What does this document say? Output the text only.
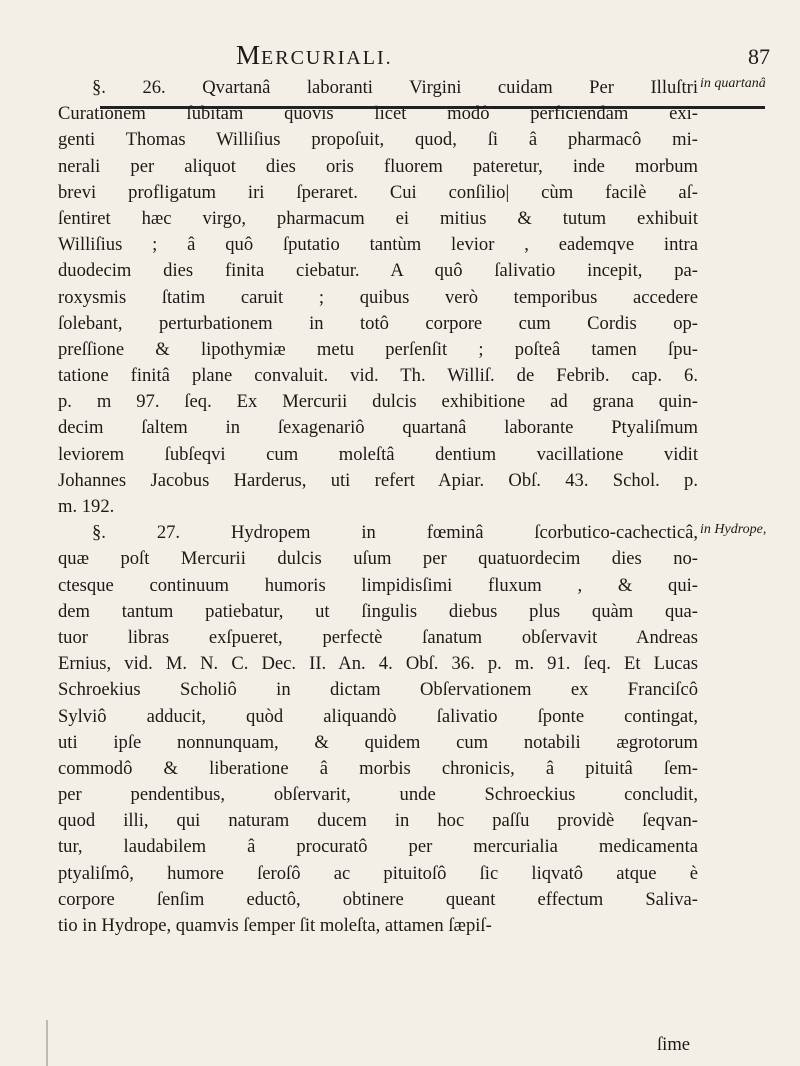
MERCURIALI.	87
§. 26. Qvartanâ laboranti Virgini cuidam Per Illuſtri
Curationem ſubitam quovis licet modô perficiendam exi-
genti Thomas Williſius propoſuit, quod, ſi â pharmacô mi-
nerali per aliquot dies oris fluorem pateretur, inde morbum
brevi profligatum iri ſperaret. Cui conſilio| cùm facilè aſ-
ſentiret hæc virgo, pharmacum ei mitius & tutum exhibuit
Williſius ; â quô ſputatio tantùm levior , eademqve intra
duodecim dies finita ciebatur. A quô ſalivatio incepit, pa-
roxysmis ſtatim caruit ; quibus verò temporibus accedere
ſolebant, perturbationem in totô corpore cum Cordis op-
preſſione & lipothymiæ metu perſenſit ; poſteâ tamen ſpu-
tatione finitâ plane convaluit. vid. Th. Williſ. de Febrib. cap. 6.
p. m 97. ſeq. Ex Mercurii dulcis exhibitione ad grana quin-
decim ſaltem in ſexagenariô quartanâ laborante Ptyaliſmum
leviorem ſubſeqvi cum moleſtâ dentium vacillatione vidit
Johannes Jacobus Harderus, uti refert Apiar. Obſ. 43. Schol. p.
m. 192.
§. 27. Hydropem in fœminâ ſcorbutico-cachecticâ,
quæ poſt Mercurii dulcis uſum per quatuordecim dies no-
ctesque continuum humoris limpidisſimi fluxum , & qui-
dem tantum patiebatur, ut ſingulis diebus plus quàm qua-
tuor libras exſpueret, perfectè ſanatum obſervavit Andreas
Ernius, vid. M. N. C. Dec. II. An. 4. Obſ. 36. p. m. 91. ſeq. Et Lucas
Schroekius Scholiô in dictam Obſervationem ex Franciſcô
Sylviô adducit, quòd aliquandò ſalivatio ſponte contingat,
uti ipſe nonnunquam, & quidem cum notabili ægrotorum
commodô & liberatione â morbis chronicis, â pituitâ ſem-
per pendentibus, obſervarit, unde Schroeckius concludit,
quod illi, qui naturam ducem in hoc paſſu providè ſeqvan-
tur, laudabilem â procuratô per mercurialia medicamenta
ptyaliſmô, humore ſeroſô ac pituitoſô ſic liqvatô atque è
corpore ſenſim eductô, obtinere queant effectum Saliva-
tio in Hydrope, quamvis ſemper ſit moleſta, attamen ſæpiſ-
in quartanâ
in Hydrope,
ſime
